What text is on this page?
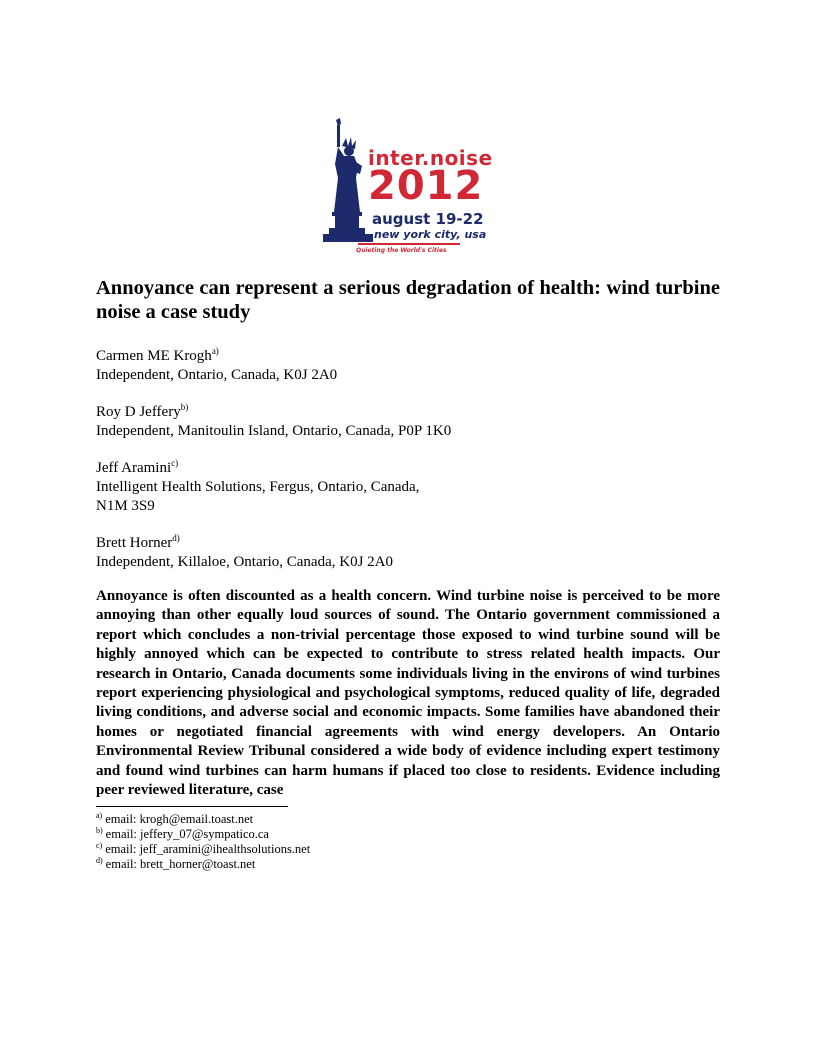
inter.noise
2012
august 19-22
new york city, usa
Quieting the World's Cities
Annoyance can represent a serious degradation of health: wind turbine noise a case study
Carmen ME Krogh$^{a)}$
Independent, Ontario, Canada, K0J 2A0
Roy D Jeffery$^{b)}$
Independent, Manitoulin Island, Ontario, Canada, P0P 1K0
Jeff Aramini$^{c)}$
Intelligent Health Solutions, Fergus, Ontario, Canada,
N1M 3S9
Brett Horner$^{d)}$
Independent, Killaloe, Ontario, Canada, K0J 2A0

Annoyance is often discounted as a health concern. Wind turbine noise is perceived to be more annoying than other equally loud sources of sound. The Ontario government commissioned a report which concludes a non-trivial percentage those exposed to wind turbine sound will be highly annoyed which can be expected to contribute to stress related health impacts. Our research in Ontario, Canada documents some individuals living in the environs of wind turbines report experiencing physiological and psychological symptoms, reduced quality of life, degraded living conditions, and adverse social and economic impacts. Some families have abandoned their homes or negotiated financial agreements with wind energy developers. An Ontario Environmental Review Tribunal considered a wide body of evidence including expert testimony and found wind turbines can harm humans if placed too close to residents. Evidence including peer reviewed literature, case

$^{a)}$ email: krogh@email.toast.net
$^{b)}$ email: jeffery_07@sympatico.ca
$^{c)}$ email: jeff_aramini@ihealthsolutions.net
$^{d)}$ email: brett_horner@toast.net
